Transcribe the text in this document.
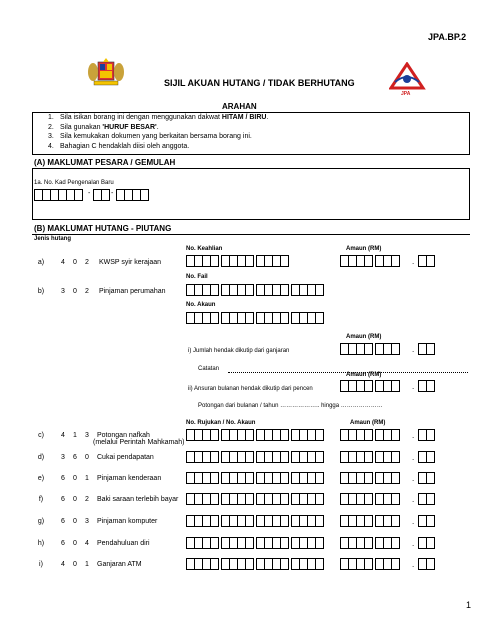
JPA.BP.2
JPA
SIJIL AKUAN HUTANG / TIDAK BERHUTANG
ARAHAN
1. Sila isikan borang ini dengan menggunakan dakwat HITAM / BIRU.
2. Sila gunakan 'HURUF BESAR'.
3. Sila kemukakan dokumen yang berkaitan bersama borang ini.
4. Bahagian C hendaklah diisi oleh anggota.
(A) MAKLUMAT PESARA / GEMULAH
1a. No. Kad Pengenalan Baru
-	-
(B) MAKLUMAT HUTANG - PIUTANG
Jenis hutang
No. Keahlian	Amaun (RM)
a) 4 0 2 KWSP syir kerajaan	.
No. Fail
b) 3 0 2 Pinjaman perumahan
No. Akaun
Amaun (RM)
i) Jumlah hendak dikutip dari ganjaran	.
Catatan
Amaun (RM)
ii) Ansuran bulanan hendak dikutip dari pencen	.
Potongan dari bulanan / tahun ……………….. hingga …………………
No. Rujukan / No. Akaun	Amaun (RM)
c) 4 1 3 Potongan nafkah
(melalui Perintah Mahkamah)
.
d) 3 6 0 Cukai pendapatan	.
e) 6 0 1 Pinjaman kenderaan	.
f)	6 0 2 Baki saraan terlebih bayar	.
g) 6 0 3 Pinjaman komputer	.
h) 6 0 4 Pendahuluan diri	.
i)	4 0 1 Ganjaran ATM	.
1
